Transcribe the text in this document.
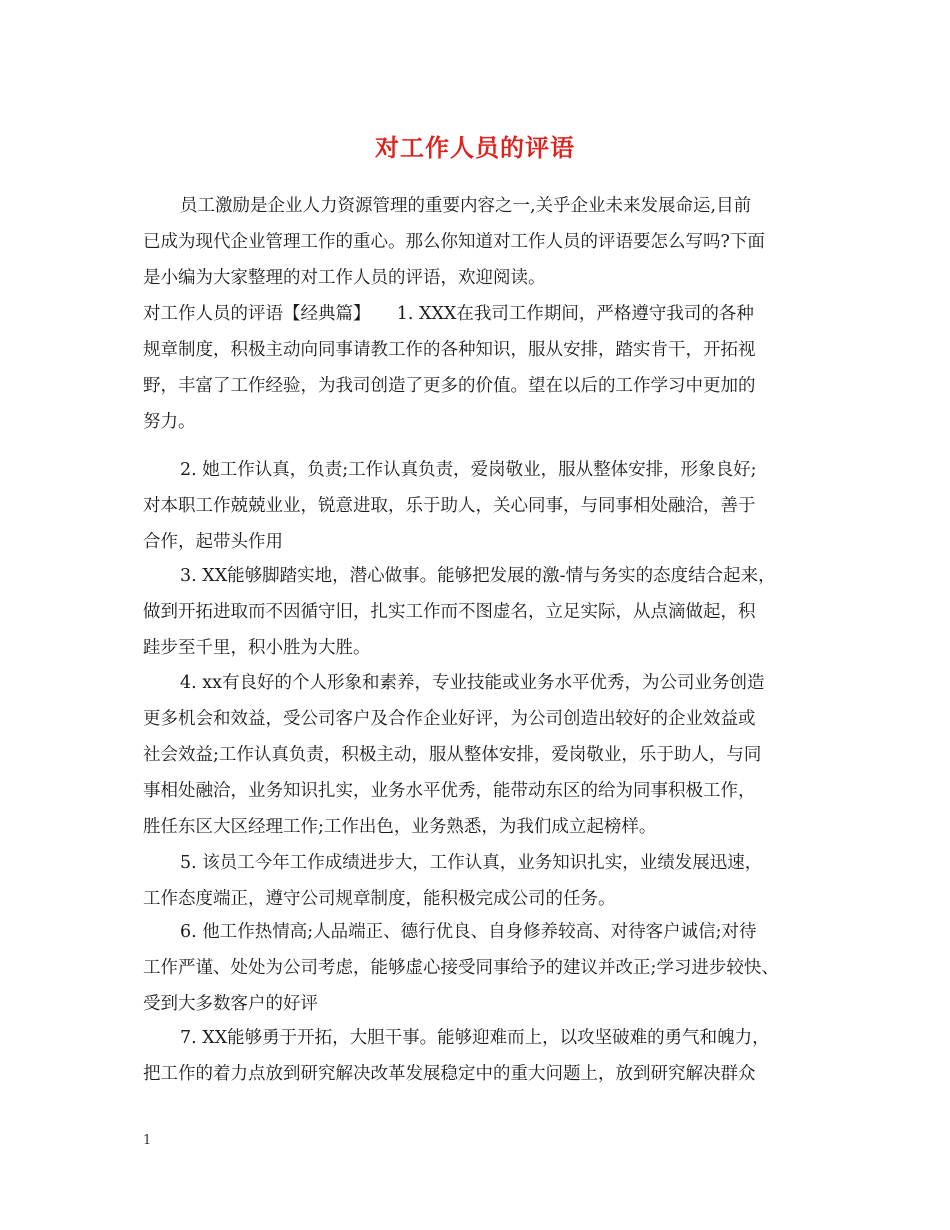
对工作人员的评语
员工激励是企业人力资源管理的重要内容之一,关乎企业未来发展命运,目前
已成为现代企业管理工作的重心。那么你知道对工作人员的评语要怎么写吗?下面
是小编为大家整理的对工作人员的评语，欢迎阅读。
对工作人员的评语【经典篇】　　1. XXX在我司工作期间，严格遵守我司的各种
规章制度，积极主动向同事请教工作的各种知识，服从安排，踏实肯干，开拓视
野，丰富了工作经验，为我司创造了更多的价值。望在以后的工作学习中更加的
努力。
2. 她工作认真，负责;工作认真负责，爱岗敬业，服从整体安排，形象良好;
对本职工作兢兢业业，锐意进取，乐于助人，关心同事，与同事相处融洽，善于
合作，起带头作用
3. XX能够脚踏实地，潜心做事。能够把发展的激-情与务实的态度结合起来，
做到开拓进取而不因循守旧，扎实工作而不图虚名，立足实际，从点滴做起，积
跬步至千里，积小胜为大胜。
4. xx有良好的个人形象和素养，专业技能或业务水平优秀，为公司业务创造
更多机会和效益，受公司客户及合作企业好评，为公司创造出较好的企业效益或
社会效益;工作认真负责，积极主动，服从整体安排，爱岗敬业，乐于助人，与同
事相处融洽，业务知识扎实，业务水平优秀，能带动东区的给为同事积极工作，
胜任东区大区经理工作;工作出色，业务熟悉，为我们成立起榜样。
5. 该员工今年工作成绩进步大，工作认真，业务知识扎实，业绩发展迅速，
工作态度端正，遵守公司规章制度，能积极完成公司的任务。
6. 他工作热情高;人品端正、德行优良、自身修养较高、对待客户诚信;对待
工作严谨、处处为公司考虑，能够虚心接受同事给予的建议并改正;学习进步较快、
受到大多数客户的好评
7. XX能够勇于开拓，大胆干事。能够迎难而上，以攻坚破难的勇气和魄力，
把工作的着力点放到研究解决改革发展稳定中的重大问题上，放到研究解决群众
1
